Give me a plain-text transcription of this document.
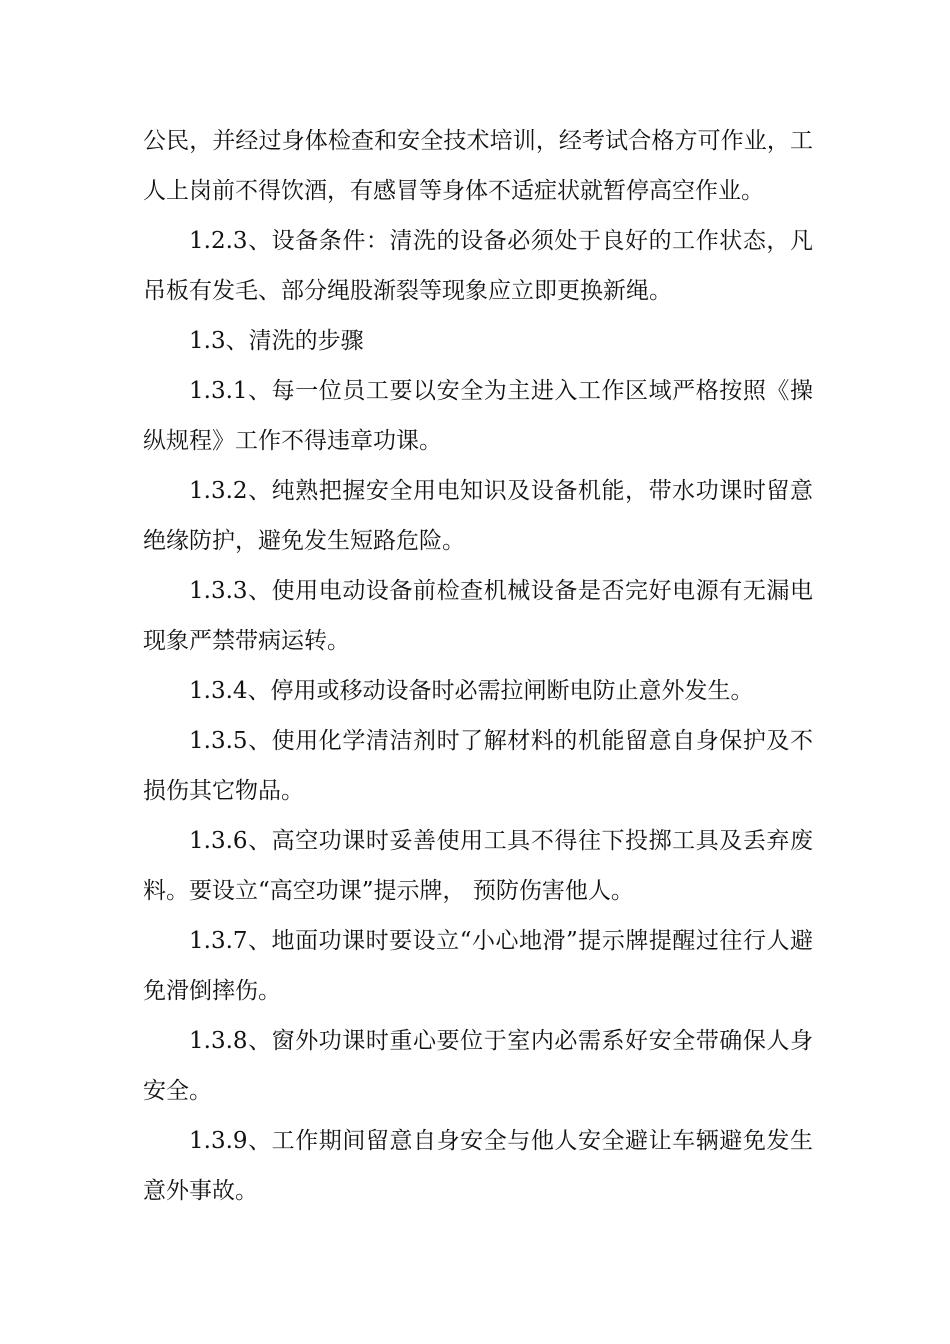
公民，并经过身体检查和安全技术培训，经考试合格方可作业，工人上岗前不得饮酒，有感冒等身体不适症状就暂停高空作业。

1.2.3、设备条件：清洗的设备必须处于良好的工作状态，凡吊板有发毛、部分绳股渐裂等现象应立即更换新绳。

1.3、清洗的步骤

1.3.1、每一位员工要以安全为主进入工作区域严格按照《操纵规程》工作不得违章功课。

1.3.2、纯熟把握安全用电知识及设备机能，带水功课时留意绝缘防护，避免发生短路危险。

1.3.3、使用电动设备前检查机械设备是否完好电源有无漏电现象严禁带病运转。

1.3.4、停用或移动设备时必需拉闸断电防止意外发生。

1.3.5、使用化学清洁剂时了解材料的机能留意自身保护及不损伤其它物品。

1.3.6、高空功课时妥善使用工具不得往下投掷工具及丢弃废料。要设立“高空功课”提示牌， 预防伤害他人。

1.3.7、地面功课时要设立“小心地滑”提示牌提醒过往行人避免滑倒摔伤。

1.3.8、窗外功课时重心要位于室内必需系好安全带确保人身安全。

1.3.9、工作期间留意自身安全与他人安全避让车辆避免发生意外事故。
